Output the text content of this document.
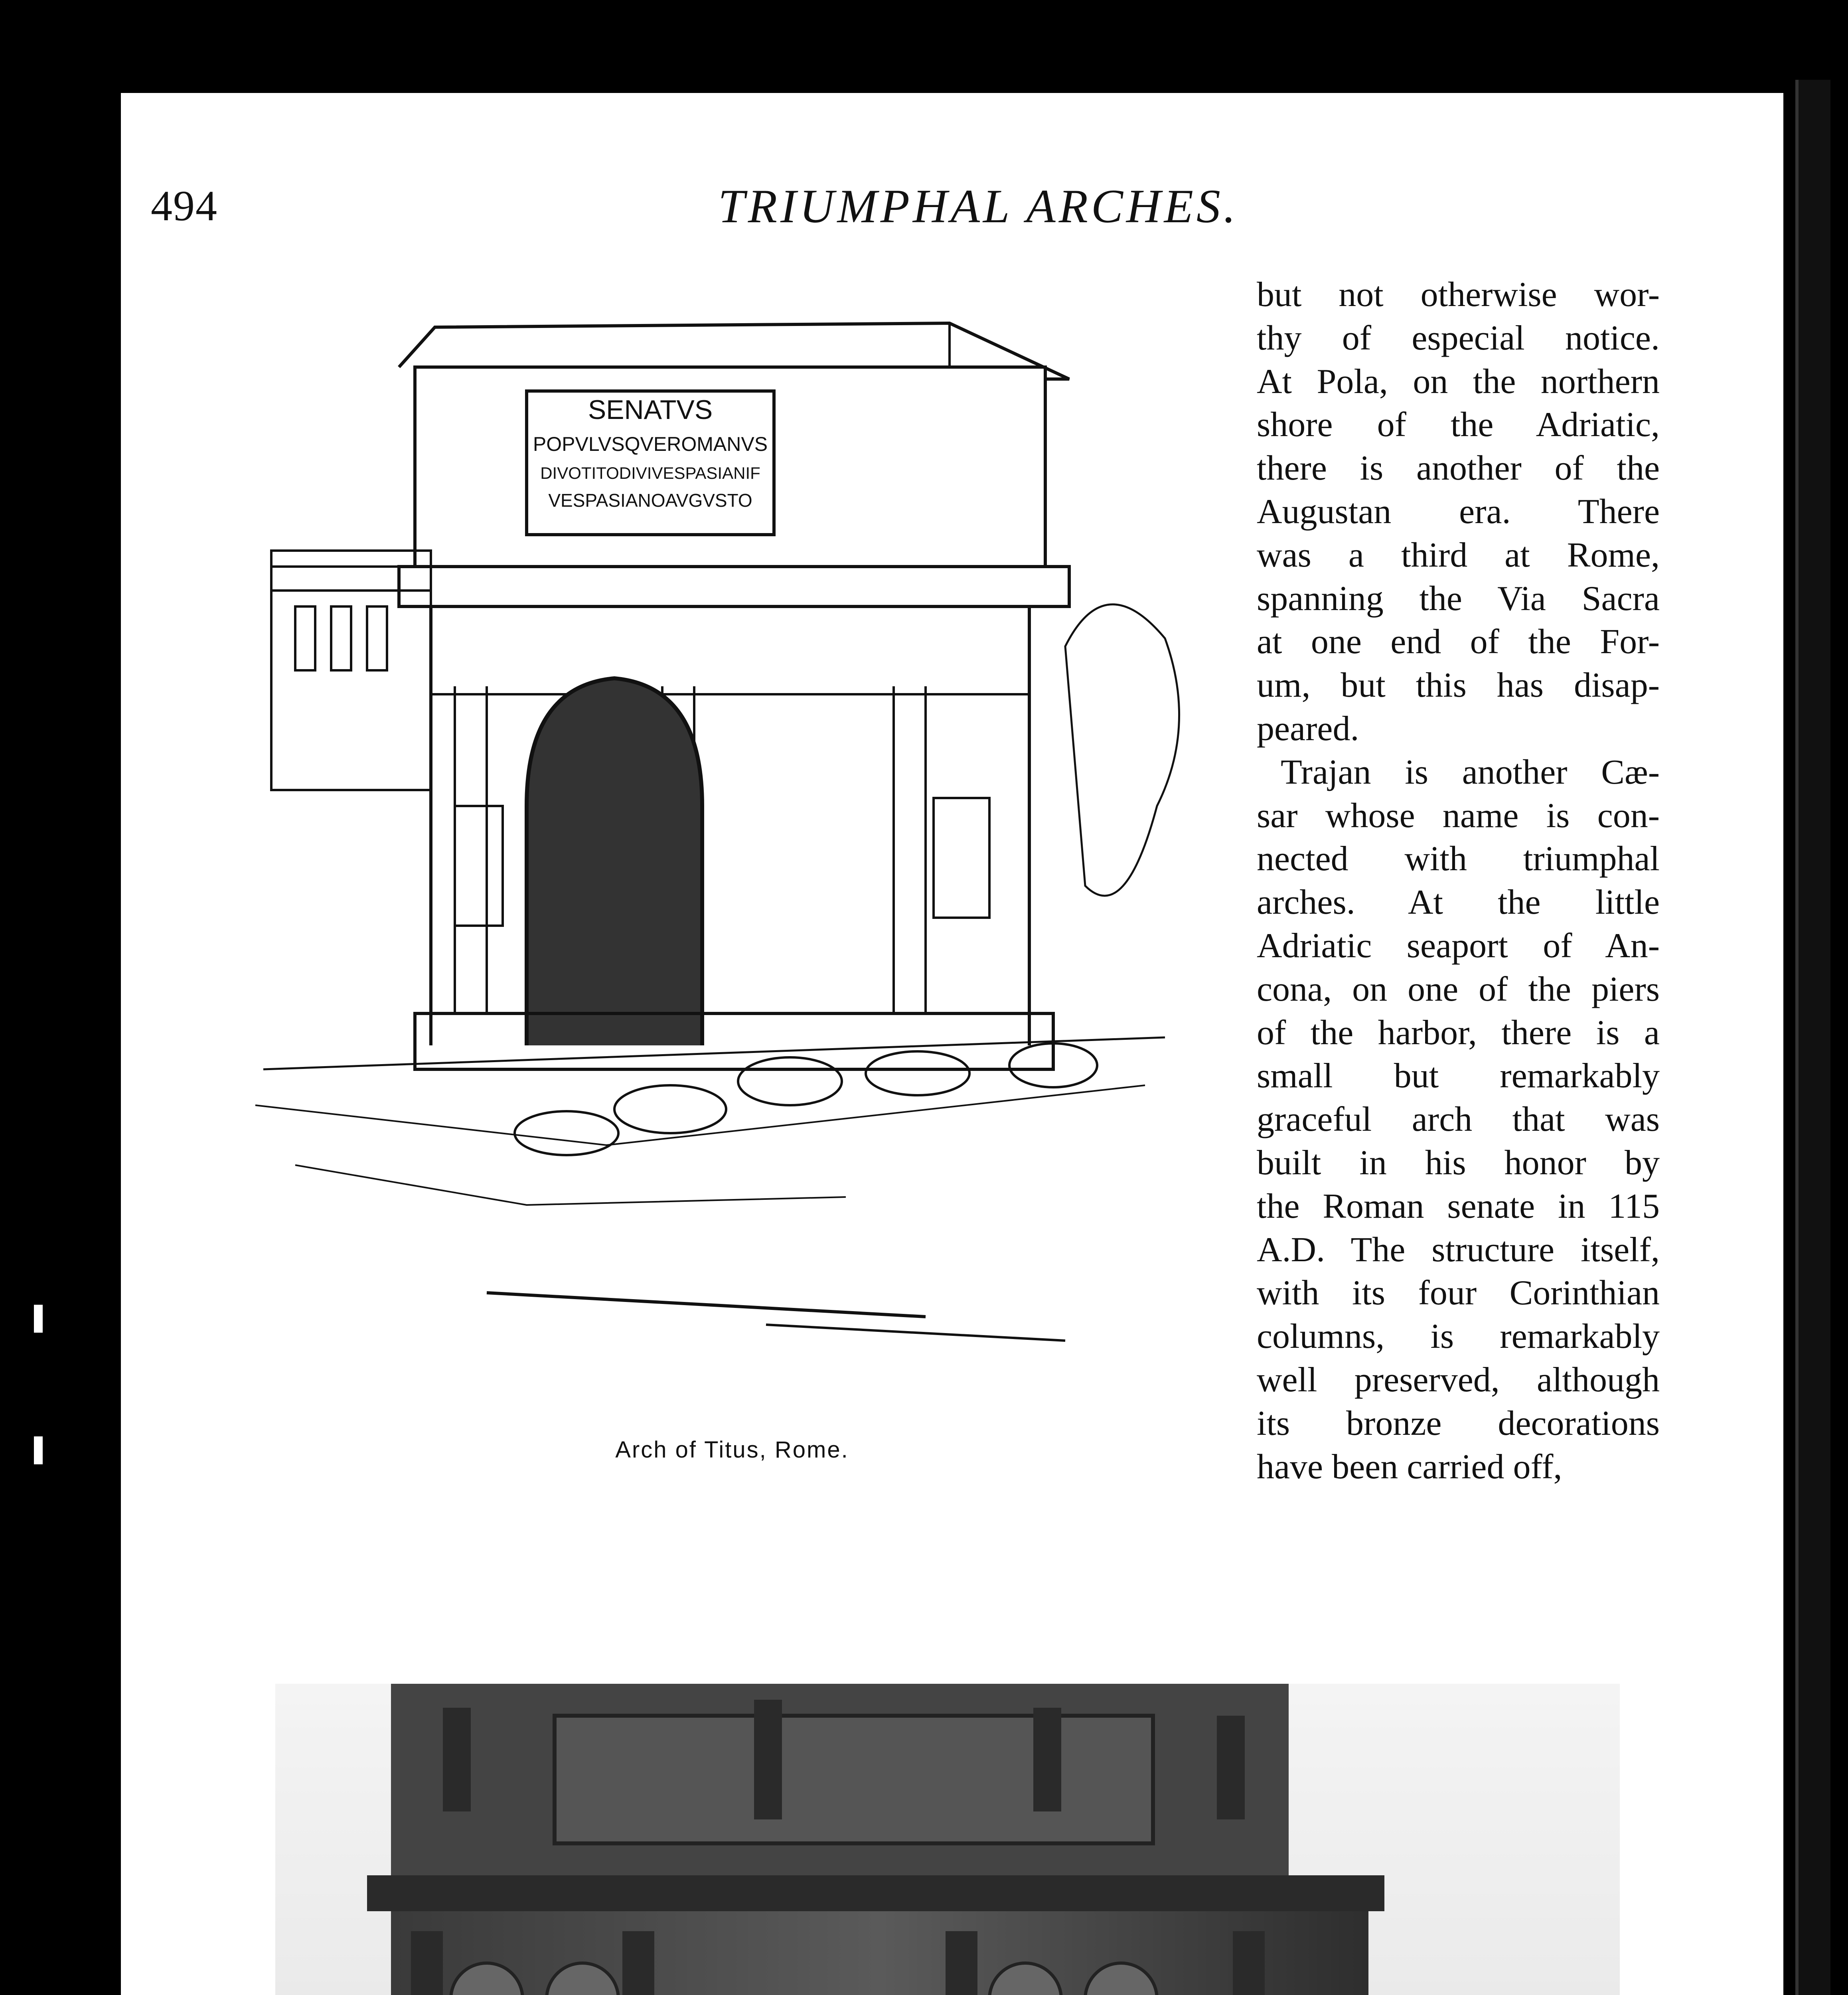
494	TRIUMPHAL ARCHES.
SENATVS
POPVLVSQVEROMANVS
DIVOTITODIVIVESPASIANIF
VESPASIANOAVGVSTO
Arch of Titus, Rome.
but not otherwise wor-
thy of especial notice.
At Pola, on the northern
shore of the Adriatic,
there is another of the
Augustan era. There
was a third at Rome,
spanning the Via Sacra
at one end of the For-
um, but this has disap-
peared.
Trajan is another Cæ-
sar whose name is con-
nected with triumphal
arches. At the little
Adriatic seaport of An-
cona, on one of the piers
of the harbor, there is a
small but remarkably
graceful arch that was
built in his honor by
the Roman senate in 115
A.D. The structure itself,
with its four Corinthian
columns, is remarkably
well preserved, although
its bronze decorations
have been carried off,
